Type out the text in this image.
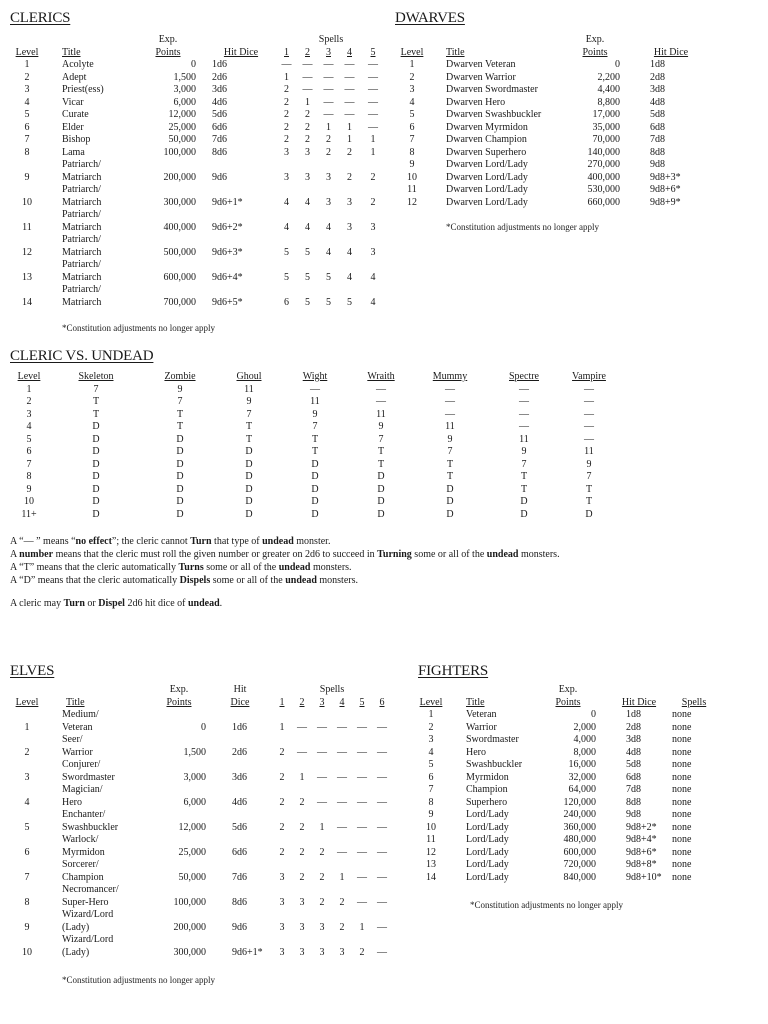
CLERICS
		Exp.		Spells				
Level	Title	Points	Hit Dice	1	2	3	4	5
1	Acolyte	0	1d6	—	—	—	—	—
2	Adept	1,500	2d6	1	—	—	—	—
3	Priest(ess)	3,000	3d6	2	—	—	—	—
4	Vicar	6,000	4d6	2	1	—	—	—
5	Curate	12,000	5d6	2	2	—	—	—
6	Elder	25,000	6d6	2	2	1	1	—
7	Bishop	50,000	7d6	2	2	2	1	1
8	Lama	100,000	8d6	3	3	2	2	1
9	Patriarch/
Matriarch	200,000	9d6	3	3	3	2	2
10	Patriarch/
Matriarch	300,000	9d6+1*	4	4	3	3	2
11	Patriarch/
Matriarch	400,000	9d6+2*	4	4	4	3	3
12	Patriarch/
Matriarch	500,000	9d6+3*	5	5	4	4	3
13	Patriarch/
Matriarch	600,000	9d6+4*	5	5	5	4	4
14	Patriarch/
Matriarch	700,000	9d6+5*	6	5	5	5	4
*Constitution adjustments no longer apply
DWARVES
		Exp.	
Level	Title	Points	Hit Dice
1	Dwarven Veteran	0	1d8
2	Dwarven Warrior	2,200	2d8
3	Dwarven Swordmaster	4,400	3d8
4	Dwarven Hero	8,800	4d8
5	Dwarven Swashbuckler	17,000	5d8
6	Dwarven Myrmidon	35,000	6d8
7	Dwarven Champion	70,000	7d8
8	Dwarven Superhero	140,000	8d8
9	Dwarven Lord/Lady	270,000	9d8
10	Dwarven Lord/Lady	400,000	9d8+3*
11	Dwarven Lord/Lady	530,000	9d8+6*
12	Dwarven Lord/Lady	660,000	9d8+9*
*Constitution adjustments no longer apply
CLERIC VS. UNDEAD
Level	Skeleton	Zombie	Ghoul	Wight	Wraith	Mummy	Spectre	Vampire
1	7	9	11	—	—	—	—	—
2	T	7	9	11	—	—	—	—
3	T	T	7	9	11	—	—	—
4	D	T	T	7	9	11	—	—
5	D	D	T	T	7	9	11	—
6	D	D	D	T	T	7	9	11
7	D	D	D	D	T	T	7	9
8	D	D	D	D	D	T	T	7
9	D	D	D	D	D	D	T	T
10	D	D	D	D	D	D	D	T
11+	D	D	D	D	D	D	D	D
A “— ” means “no effect”; the cleric cannot Turn that type of undead monster.
A number means that the cleric must roll the given number or greater on 2d6 to succeed in Turning some or all of the undead monsters.
A “T” means that the cleric automatically Turns some or all of the undead monsters.
A “D” means that the cleric automatically Dispels some or all of the undead monsters.
A cleric may Turn or Dispel 2d6 hit dice of undead.
ELVES
		Exp.	Hit			Spells			
Level	Title	Points	Dice	1	2	3	4	5	6
1	Medium/
Veteran	0	1d6	1	—	—	—	—	—
2	Seer/
Warrior	1,500	2d6	2	—	—	—	—	—
3	Conjurer/
Swordmaster	3,000	3d6	2	1	—	—	—	—
4	Magician/
Hero	6,000	4d6	2	2	—	—	—	—
5	Enchanter/
Swashbuckler	12,000	5d6	2	2	1	—	—	—
6	Warlock/
Myrmidon	25,000	6d6	2	2	2	—	—	—
7	Sorcerer/
Champion	50,000	7d6	3	2	2	1	—	—
8	Necromancer/
Super-Hero	100,000	8d6	3	3	2	2	—	—
9	Wizard/Lord
(Lady)	200,000	9d6	3	3	3	2	1	—
10	Wizard/Lord
(Lady)	300,000	9d6+1*	3	3	3	3	2	—
*Constitution adjustments no longer apply
FIGHTERS
		Exp.		
Level	Title	Points	Hit Dice	Spells
1	Veteran	0	1d8	none
2	Warrior	2,000	2d8	none
3	Swordmaster	4,000	3d8	none
4	Hero	8,000	4d8	none
5	Swashbuckler	16,000	5d8	none
6	Myrmidon	32,000	6d8	none
7	Champion	64,000	7d8	none
8	Superhero	120,000	8d8	none
9	Lord/Lady	240,000	9d8	none
10	Lord/Lady	360,000	9d8+2*	none
11	Lord/Lady	480,000	9d8+4*	none
12	Lord/Lady	600,000	9d8+6*	none
13	Lord/Lady	720,000	9d8+8*	none
14	Lord/Lady	840,000	9d8+10*	none
*Constitution adjustments no longer apply
